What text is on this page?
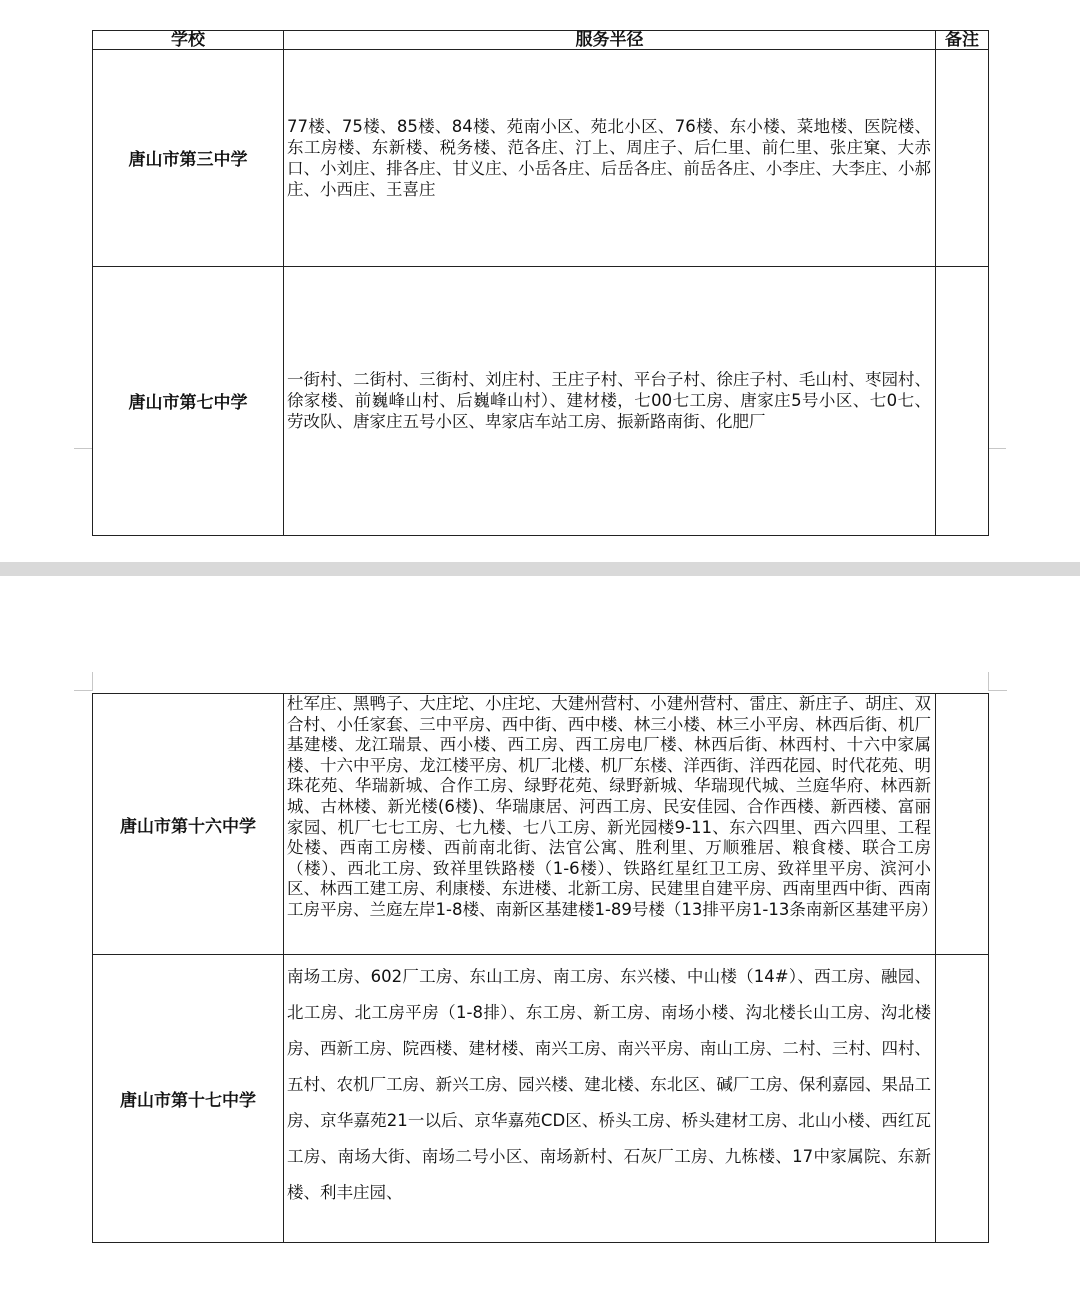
学校	服务半径	备注
唐山市第三中学	77楼、75楼、85楼、84楼、苑南小区、苑北小区、76楼、东小楼、菜地楼、医院楼、东工房楼、东新楼、税务楼、范各庄、汀上、周庄子、后仁里、前仁里、张庄窠、大赤口、小刘庄、排各庄、甘义庄、小岳各庄、后岳各庄、前岳各庄、小李庄、大李庄、小郝庄、小西庄、王喜庄	
唐山市第七中学	一街村、二街村、三街村、刘庄村、王庄子村、平台子村、徐庄子村、毛山村、枣园村、徐家楼、前巍峰山村、后巍峰山村）、建材楼，七00七工房、唐家庄5号小区、七0七、劳改队、唐家庄五号小区、卑家店车站工房、振新路南街、化肥厂	
唐山市第十六中学	杜军庄、黑鸭子、大庄坨、小庄坨、大建州营村、小建州营村、雷庄、新庄子、胡庄、双合村、小任家套、三中平房、西中街、西中楼、林三小楼、林三小平房、林西后街、机厂基建楼、龙江瑞景、西小楼、西工房、西工房电厂楼、林西后街、林西村、十六中家属楼、十六中平房、龙江楼平房、机厂北楼、机厂东楼、洋西街、洋西花园、时代花苑、明珠花苑、华瑞新城、合作工房、绿野花苑、绿野新城、华瑞现代城、兰庭华府、林西新城、古林楼、新光楼(6楼)、华瑞康居、河西工房、民安佳园、合作西楼、新西楼、富丽家园、机厂七七工房、七九楼、七八工房、新光园楼9-11、东六四里、西六四里、工程处楼、西南工房楼、西前南北街、法官公寓、胜利里、万顺雅居、粮食楼、联合工房（楼）、西北工房、致祥里铁路楼（1-6楼）、铁路红星红卫工房、致祥里平房、滨河小区、林西工建工房、利康楼、东进楼、北新工房、民建里自建平房、西南里西中街、西南工房平房、兰庭左岸1-8楼、南新区基建楼1-89号楼（13排平房1-13条南新区基建平房）	
唐山市第十七中学	南场工房、602厂工房、东山工房、南工房、东兴楼、中山楼（14#）、西工房、融园、北工房、北工房平房（1-8排）、东工房、新工房、南场小楼、沟北楼长山工房、沟北楼房、西新工房、院西楼、建材楼、南兴工房、南兴平房、南山工房、二村、三村、四村、五村、农机厂工房、新兴工房、园兴楼、建北楼、东北区、碱厂工房、保利嘉园、果品工房、京华嘉苑21一以后、京华嘉苑CD区、桥头工房、桥头建材工房、北山小楼、西红瓦工房、南场大街、南场二号小区、南场新村、石灰厂工房、九栋楼、17中家属院、东新楼、利丰庄园、	
